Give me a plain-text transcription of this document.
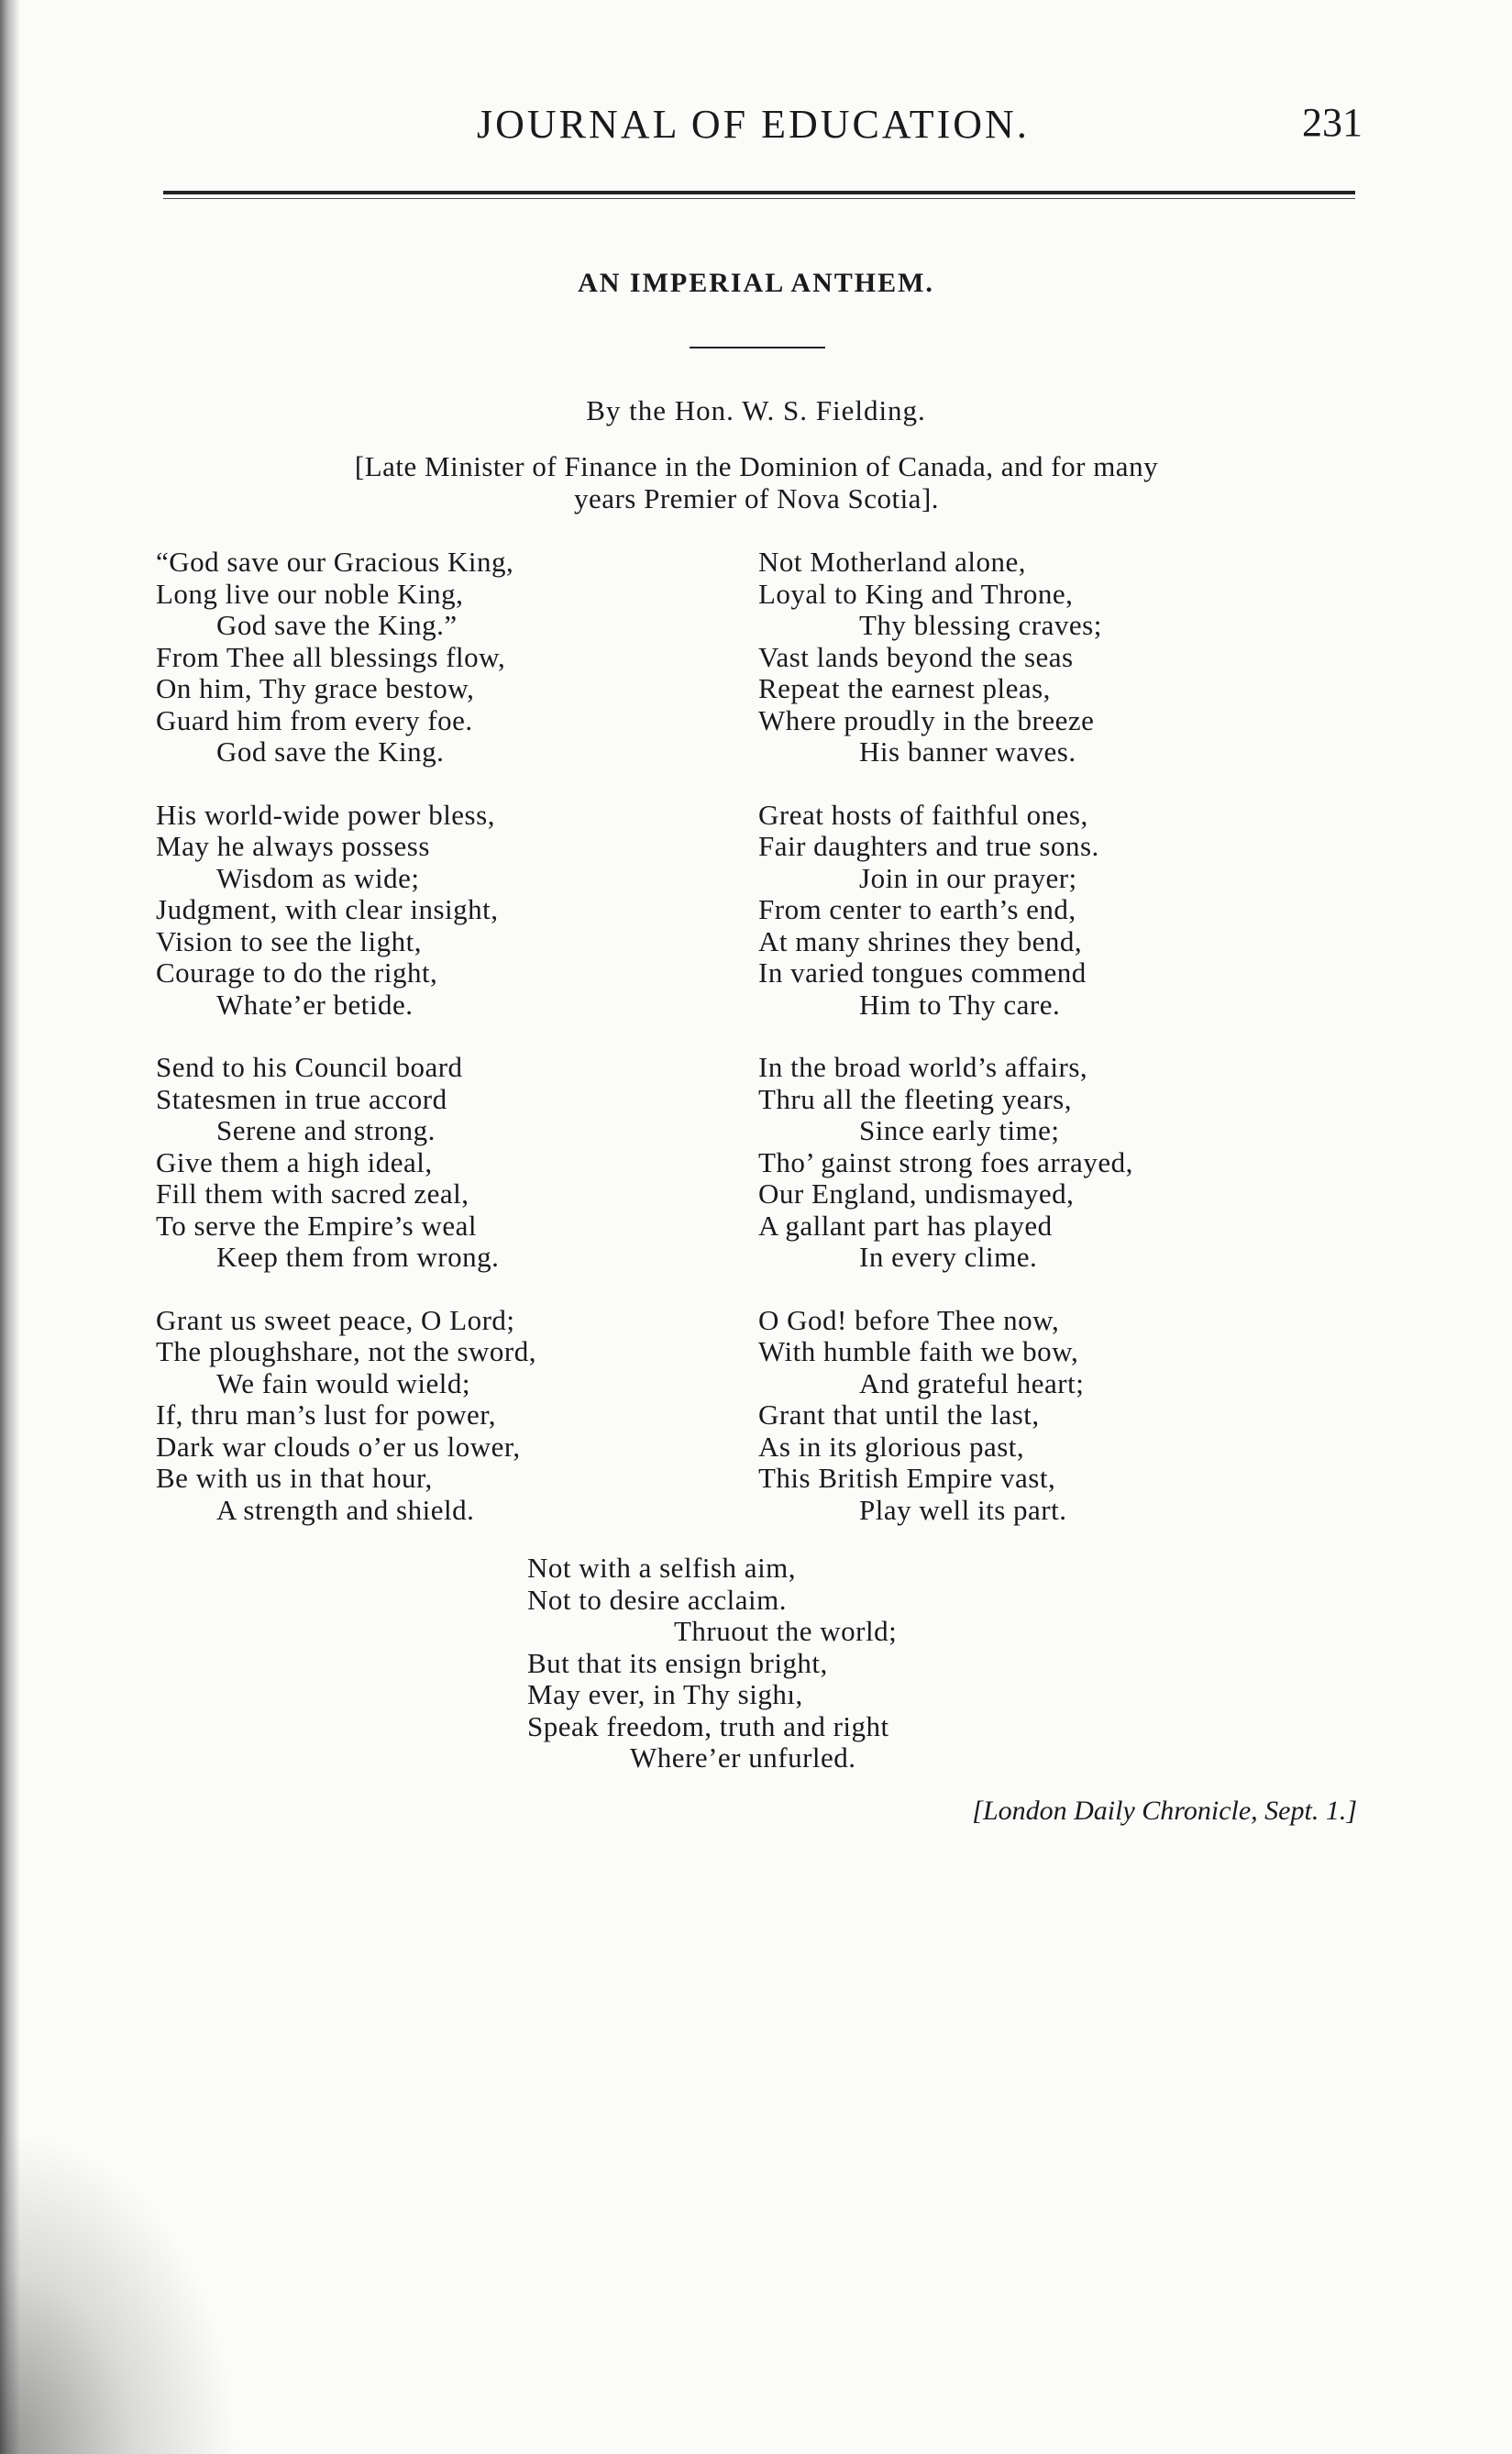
JOURNAL OF EDUCATION.	231
AN IMPERIAL ANTHEM.
By the Hon. W. S. Fielding.
[Late Minister of Finance in the Dominion of Canada, and for many
years Premier of Nova Scotia].
“God save our Gracious King,
Long live our noble King,
God save the King.”
From Thee all blessings flow,
On him, Thy grace bestow,
Guard him from every foe.
God save the King.
His world-wide power bless,
May he always possess
Wisdom as wide;
Judgment, with clear insight,
Vision to see the light,
Courage to do the right,
Whate’er betide.
Send to his Council board
Statesmen in true accord
Serene and strong.
Give them a high ideal,
Fill them with sacred zeal,
To serve the Empire’s weal
Keep them from wrong.
Grant us sweet peace, O Lord;
The ploughshare, not the sword,
We fain would wield;
If, thru man’s lust for power,
Dark war clouds o’er us lower,
Be with us in that hour,
A strength and shield.
Not Motherland alone,
Loyal to King and Throne,
Thy blessing craves;
Vast lands beyond the seas
Repeat the earnest pleas,
Where proudly in the breeze
His banner waves.
Great hosts of faithful ones,
Fair daughters and true sons.
Join in our prayer;
From center to earth’s end,
At many shrines they bend,
In varied tongues commend
Him to Thy care.
In the broad world’s affairs,
Thru all the fleeting years,
Since early time;
Tho’ gainst strong foes arrayed,
Our England, undismayed,
A gallant part has played
In every clime.
O God! before Thee now,
With humble faith we bow,
And grateful heart;
Grant that until the last,
As in its glorious past,
This British Empire vast,
Play well its part.
Not with a selfish aim,
Not to desire acclaim.
Thruout the world;
But that its ensign bright,
May ever, in Thy sighı,
Speak freedom, truth and right
Where’er unfurled.
[London Daily Chronicle, Sept. 1.]
